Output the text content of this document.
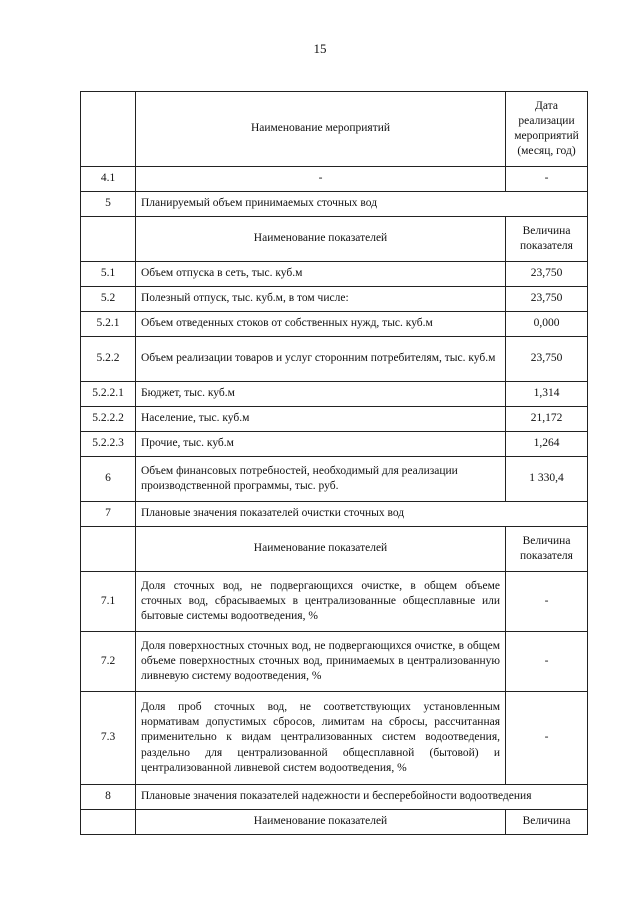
15
	Наименование мероприятий	Дата реализации мероприятий (месяц, год)
4.1	-	-
5	Планируемый объем принимаемых сточных вод	
	Наименование показателей	Величина показателя
5.1	Объем отпуска в сеть, тыс. куб.м	23,750
5.2	Полезный отпуск, тыс. куб.м, в том числе:	23,750
5.2.1	Объем отведенных стоков от собственных нужд, тыс. куб.м	0,000
5.2.2	Объем реализации товаров и услуг сторонним потребителям, тыс. куб.м	23,750
5.2.2.1	Бюджет, тыс. куб.м	1,314
5.2.2.2	Население, тыс. куб.м	21,172
5.2.2.3	Прочие, тыс. куб.м	1,264
6	Объем финансовых потребностей, необходимый для реализации производственной программы, тыс. руб.	1 330,4
7	Плановые значения показателей очистки сточных вод	
	Наименование показателей	Величина показателя
7.1	Доля сточных вод, не подвергающихся очистке, в общем объеме сточных вод, сбрасываемых в централизованные общесплавные или бытовые системы водоотведения, %	-
7.2	Доля поверхностных сточных вод, не подвергающихся очистке, в общем объеме поверхностных сточных вод, принимаемых в централизованную ливневую систему водоотведения, %	-
7.3	Доля проб сточных вод, не соответствующих установленным нормативам допустимых сбросов, лимитам на сбросы, рассчитанная применительно к видам централизованных систем водоотведения, раздельно для централизованной общесплавной (бытовой) и централизованной ливневой систем водоотведения, %	-
8	Плановые значения показателей надежности и бесперебойности водоотведения	
	Наименование показателей	Величина
